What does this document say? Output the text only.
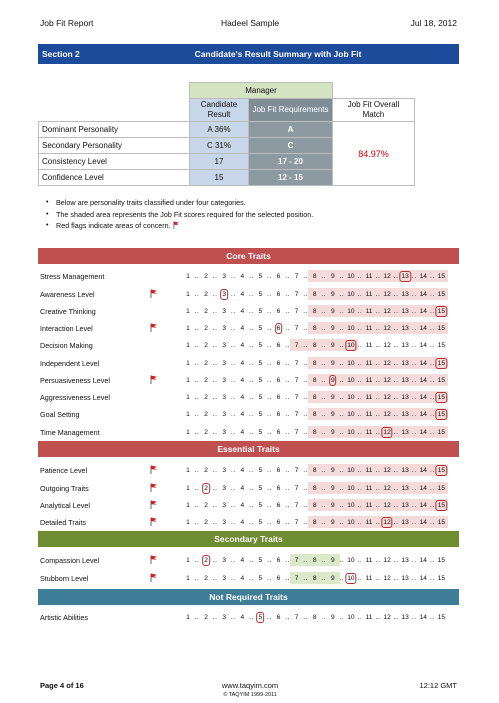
Job Fit Report	Hadeel Sample	Jul 18, 2012
Section 2	Candidate's Result Summary with Job Fit
	Manager		
	Candidate Result	Job Fit Requirements	Job Fit Overall Match
Dominant Personality	A 36%	A	84.97%
Secondary Personality	C 31%	C	
Consistency Level	17	17 - 20	
Confidence Level	15	12 - 15	
• Below are personality traits classified under four categories.
• The shaded area represents the Job Fit scores required for the selected position.
• Red flags indicate areas of concern.
Core Traits
Stress Management	1 .. 2 .. 3 .. 4 .. 5 .. 6 .. 7 .. 8 .. 9 .. 10 .. 11 .. 12 .. 13 .. 14 .. 15
Awareness Level	1 .. 2 .. 3 .. 4 .. 5 .. 6 .. 7 .. 8 .. 9 .. 10 .. 11 .. 12 .. 13 .. 14 .. 15
Creative Thinking	1 .. 2 .. 3 .. 4 .. 5 .. 6 .. 7 .. 8 .. 9 .. 10 .. 11 .. 12 .. 13 .. 14 .. 15
Interaction Level	1 .. 2 .. 3 .. 4 .. 5 .. 6 .. 7 .. 8 .. 9 .. 10 .. 11 .. 12 .. 13 .. 14 .. 15
Decision Making	1 .. 2 .. 3 .. 4 .. 5 .. 6 .. 7 .. 8 .. 9 .. 10 .. 11 .. 12 .. 13 .. 14 .. 15
Independent Level	1 .. 2 .. 3 .. 4 .. 5 .. 6 .. 7 .. 8 .. 9 .. 10 .. 11 .. 12 .. 13 .. 14 .. 15
Persuasiveness Level	1 .. 2 .. 3 .. 4 .. 5 .. 6 .. 7 .. 8 .. 9 .. 10 .. 11 .. 12 .. 13 .. 14 .. 15
Aggressiveness Level	1 .. 2 .. 3 .. 4 .. 5 .. 6 .. 7 .. 8 .. 9 .. 10 .. 11 .. 12 .. 13 .. 14 .. 15
Goal Setting	1 .. 2 .. 3 .. 4 .. 5 .. 6 .. 7 .. 8 .. 9 .. 10 .. 11 .. 12 .. 13 .. 14 .. 15
Time Management	1 .. 2 .. 3 .. 4 .. 5 .. 6 .. 7 .. 8 .. 9 .. 10 .. 11 .. 12 .. 13 .. 14 .. 15
Essential Traits
Patience Level	1 .. 2 .. 3 .. 4 .. 5 .. 6 .. 7 .. 8 .. 9 .. 10 .. 11 .. 12 .. 13 .. 14 .. 15
Outgoing Traits	1 .. 2 .. 3 .. 4 .. 5 .. 6 .. 7 .. 8 .. 9 .. 10 .. 11 .. 12 .. 13 .. 14 .. 15
Analytical Level	1 .. 2 .. 3 .. 4 .. 5 .. 6 .. 7 .. 8 .. 9 .. 10 .. 11 .. 12 .. 13 .. 14 .. 15
Detailed Traits	1 .. 2 .. 3 .. 4 .. 5 .. 6 .. 7 .. 8 .. 9 .. 10 .. 11 .. 12 .. 13 .. 14 .. 15
Secondary Traits
Compassion Level	1 .. 2 .. 3 .. 4 .. 5 .. 6 .. 7 .. 8 .. 9 .. 10 .. 11 .. 12 .. 13 .. 14 .. 15
Stubborn Level	1 .. 2 .. 3 .. 4 .. 5 .. 6 .. 7 .. 8 .. 9 .. 10 .. 11 .. 12 .. 13 .. 14 .. 15
Not Required Traits
Artistic Abilities	1 .. 2 .. 3 .. 4 .. 5 .. 6 .. 7 .. 8 .. 9 .. 10 .. 11 .. 12 .. 13 .. 14 .. 15
Page 4 of 16	www.taqyim.com
© TAQYIM 1999-2011
12:12 GMT
